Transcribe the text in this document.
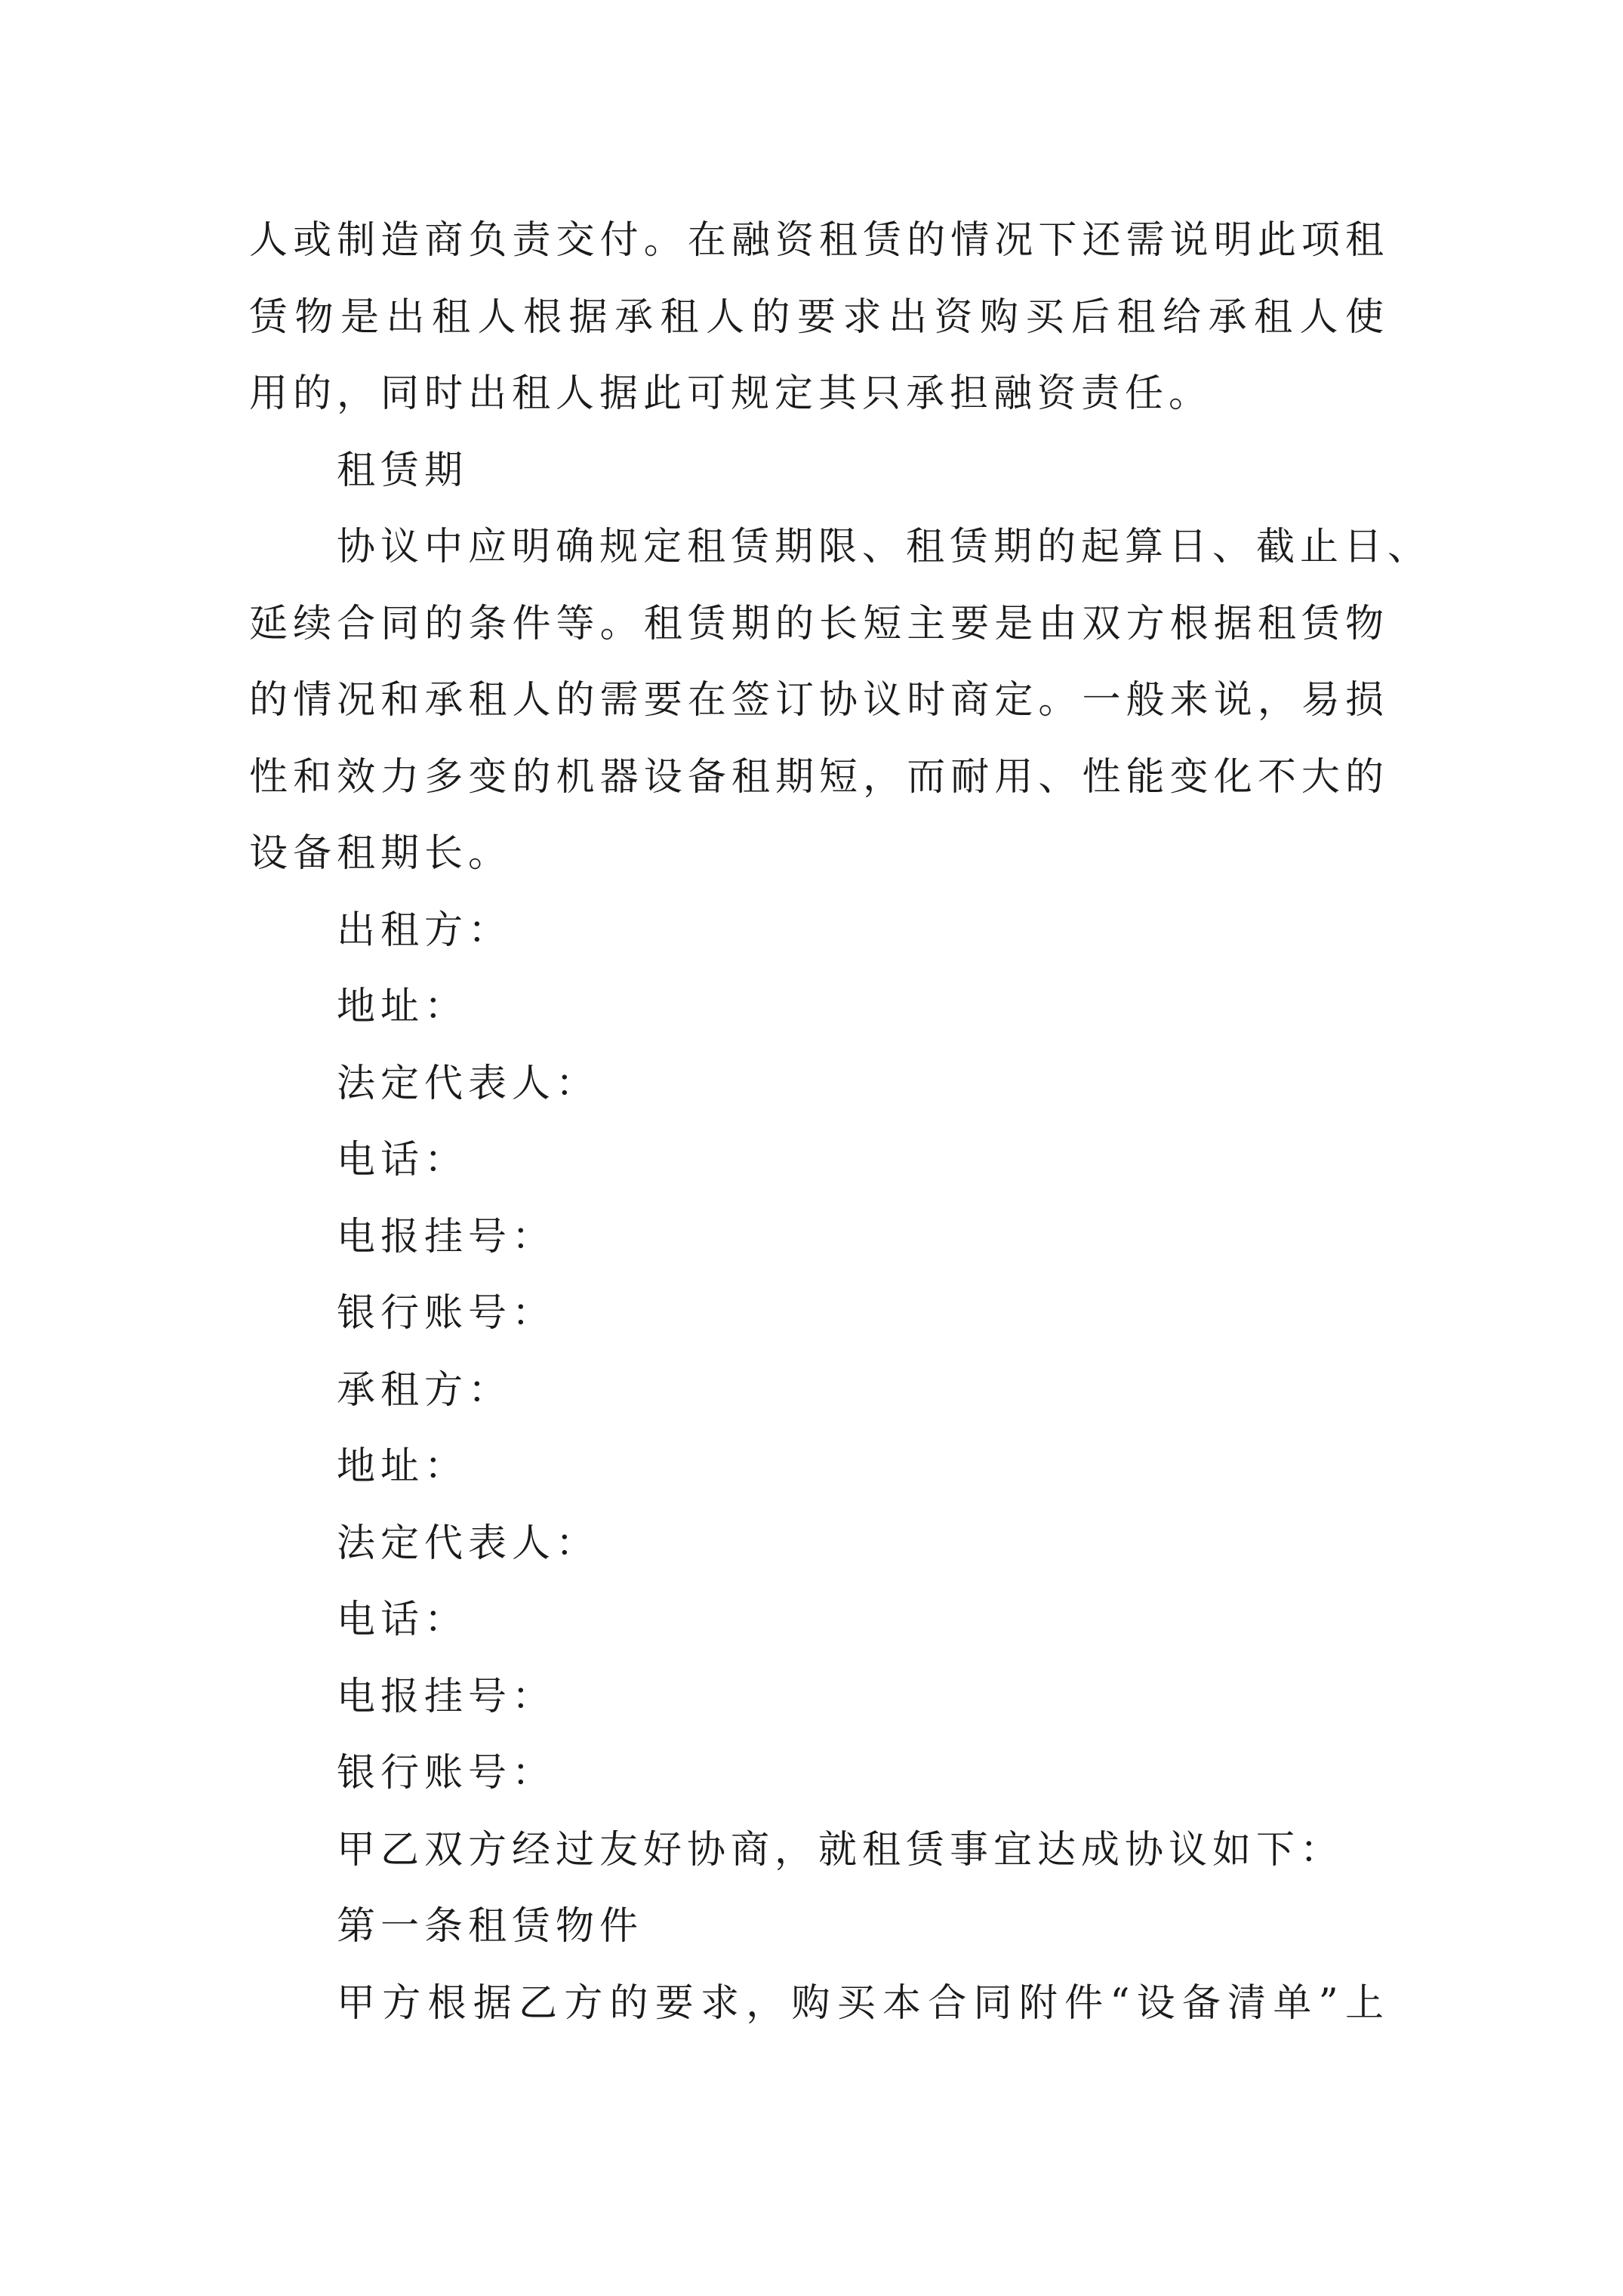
人或制造商负责交付。在融资租赁的情况下还需说明此项租
赁物是出租人根据承租人的要求出资购买后租给承租人使
用的，同时出租人据此可规定其只承担融资责任。
租赁期
协议中应明确规定租赁期限、租赁期的起算日、截止日、
延续合同的条件等。租赁期的长短主要是由双方根据租赁物
的情况和承租人的需要在签订协议时商定。一般来说，易损
性和效力多变的机器设备租期短，而耐用、性能变化不大的
设备租期长。
出租方：
地址：
法定代表人：
电话：
电报挂号：
银行账号：
承租方：
地址：
法定代表人：
电话：
电报挂号：
银行账号：
甲乙双方经过友好协商，就租赁事宜达成协议如下：
第一条租赁物件
甲方根据乙方的要求，购买本合同附件“设备清单”上
